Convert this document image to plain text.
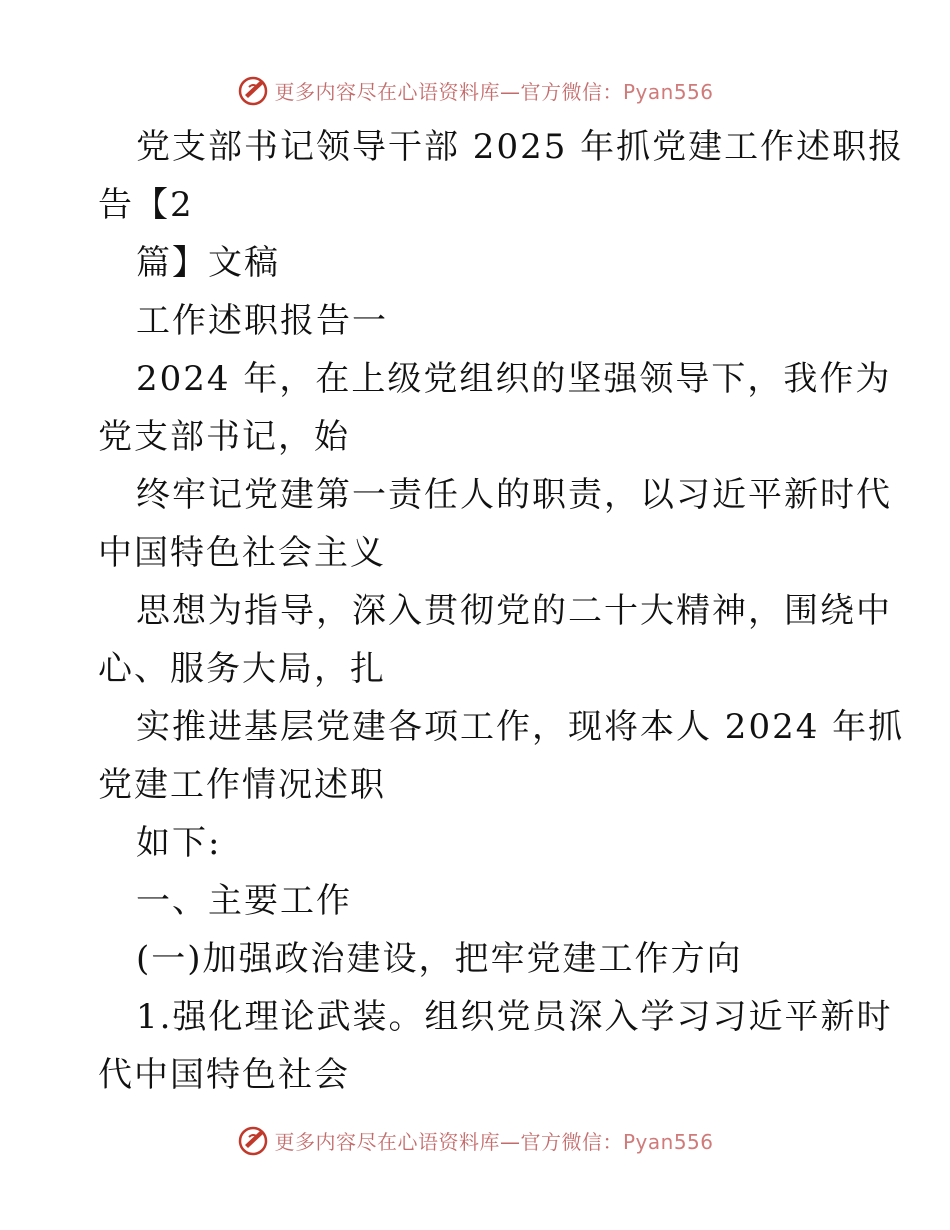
更多内容尽在心语资料库—官方微信：Pyan556
党支部书记领导干部 2025 年抓党建工作述职报
告【2
篇】文稿
工作述职报告一
2024 年，在上级党组织的坚强领导下，我作为
党支部书记，始
终牢记党建第一责任人的职责，以习近平新时代
中国特色社会主义
思想为指导，深入贯彻党的二十大精神，围绕中
心、服务大局，扎
实推进基层党建各项工作，现将本人 2024 年抓
党建工作情况述职
如下:
一、主要工作
(一)加强政治建设，把牢党建工作方向
1.强化理论武装。组织党员深入学习习近平新时
代中国特色社会
更多内容尽在心语资料库—官方微信：Pyan556
